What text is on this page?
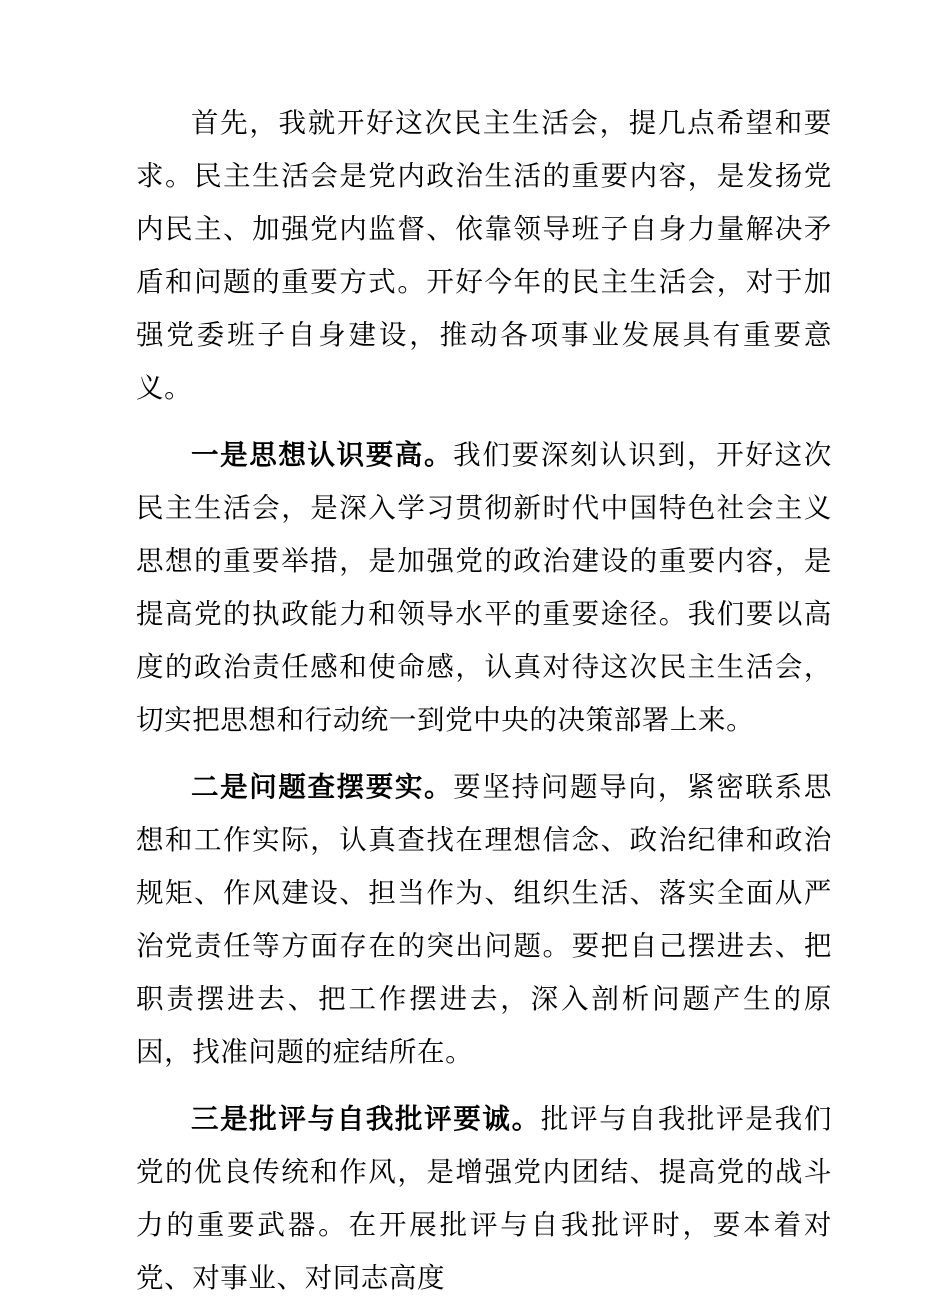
首先，我就开好这次民主生活会，提几点希望和要求。民主生活会是党内政治生活的重要内容，是发扬党内民主、加强党内监督、依靠领导班子自身力量解决矛盾和问题的重要方式。开好今年的民主生活会，对于加强党委班子自身建设，推动各项事业发展具有重要意义。

一是思想认识要高。我们要深刻认识到，开好这次民主生活会，是深入学习贯彻新时代中国特色社会主义思想的重要举措，是加强党的政治建设的重要内容，是提高党的执政能力和领导水平的重要途径。我们要以高度的政治责任感和使命感，认真对待这次民主生活会，切实把思想和行动统一到党中央的决策部署上来。

二是问题查摆要实。要坚持问题导向，紧密联系思想和工作实际，认真查找在理想信念、政治纪律和政治规矩、作风建设、担当作为、组织生活、落实全面从严治党责任等方面存在的突出问题。要把自己摆进去、把职责摆进去、把工作摆进去，深入剖析问题产生的原因，找准问题的症结所在。

三是批评与自我批评要诚。批评与自我批评是我们党的优良传统和作风，是增强党内团结、提高党的战斗力的重要武器。在开展批评与自我批评时，要本着对党、对事业、对同志高度
